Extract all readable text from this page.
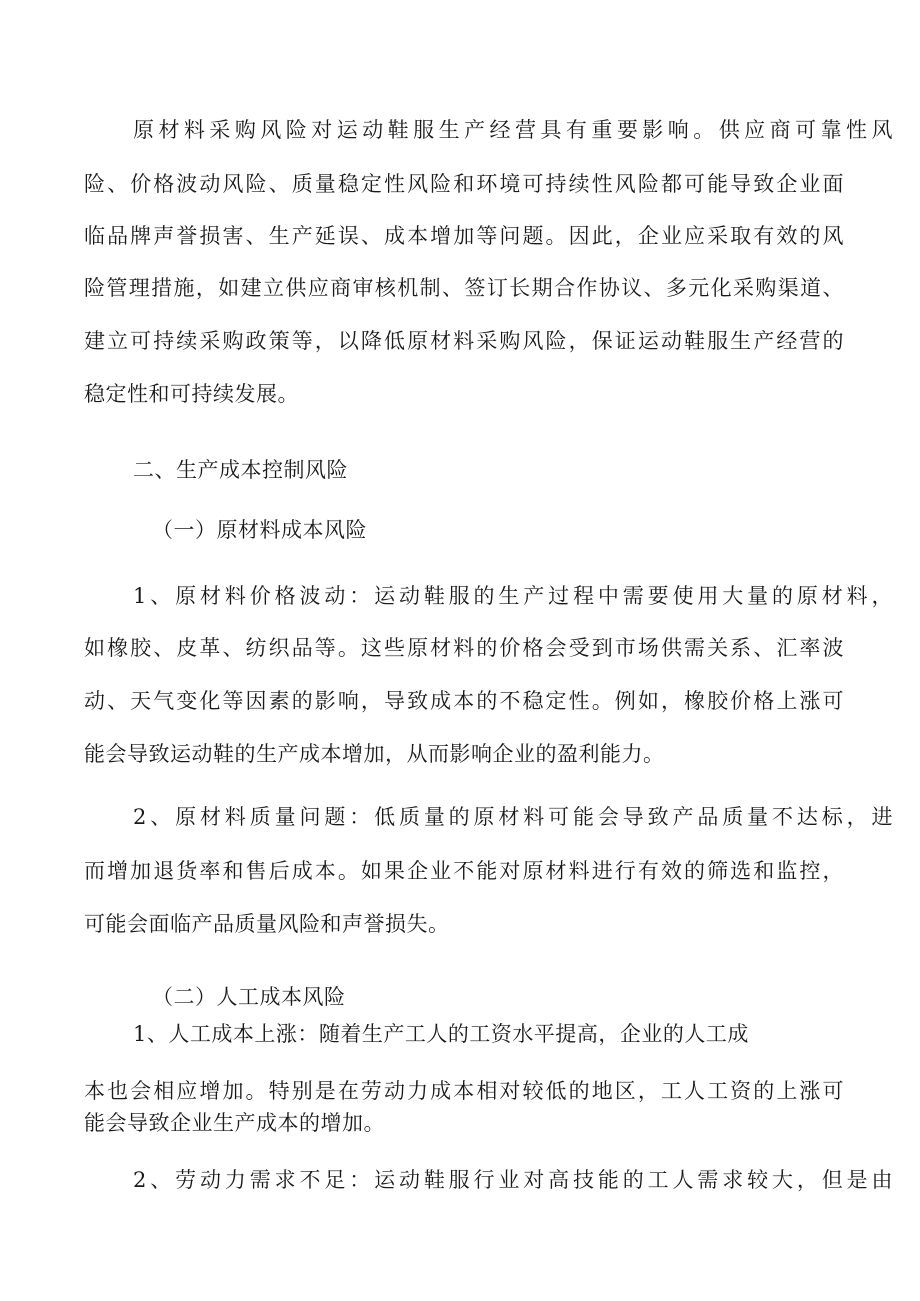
原材料采购风险对运动鞋服生产经营具有重要影响。供应商可靠性风
险、价格波动风险、质量稳定性风险和环境可持续性风险都可能导致企业面
临品牌声誉损害、生产延误、成本增加等问题。因此，企业应采取有效的风
险管理措施，如建立供应商审核机制、签订长期合作协议、多元化采购渠道、
建立可持续采购政策等，以降低原材料采购风险，保证运动鞋服生产经营的
稳定性和可持续发展。
二、生产成本控制风险
（一）原材料成本风险
1、原材料价格波动：运动鞋服的生产过程中需要使用大量的原材料，
如橡胶、皮革、纺织品等。这些原材料的价格会受到市场供需关系、汇率波
动、天气变化等因素的影响，导致成本的不稳定性。例如，橡胶价格上涨可
能会导致运动鞋的生产成本增加，从而影响企业的盈利能力。
2、原材料质量问题：低质量的原材料可能会导致产品质量不达标，进
而增加退货率和售后成本。如果企业不能对原材料进行有效的筛选和监控，
可能会面临产品质量风险和声誉损失。
（二）人工成本风险
1、人工成本上涨：随着生产工人的工资水平提高，企业的人工成
本也会相应增加。特别是在劳动力成本相对较低的地区，工人工资的上涨可
能会导致企业生产成本的增加。
2、劳动力需求不足：运动鞋服行业对高技能的工人需求较大，但是由
